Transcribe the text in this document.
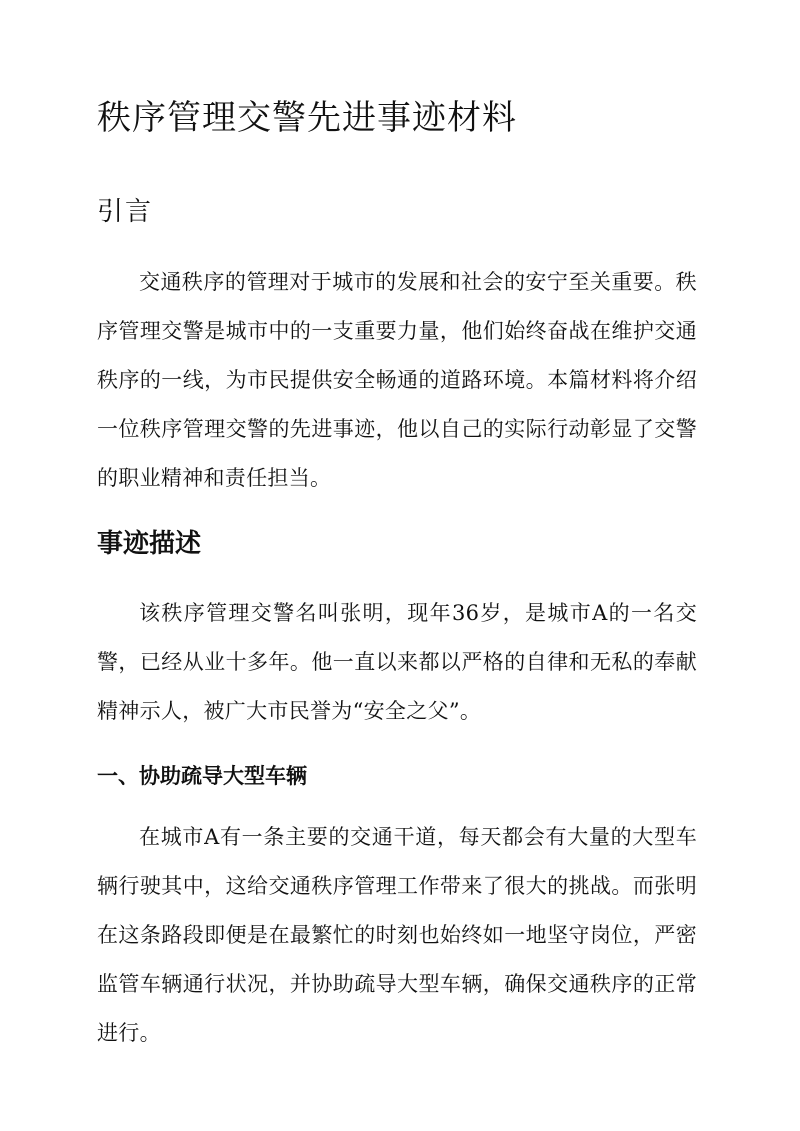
秩序管理交警先进事迹材料
引言

交通秩序的管理对于城市的发展和社会的安宁至关重要。秩序管理交警是城市中的一支重要力量，他们始终奋战在维护交通秩序的一线，为市民提供安全畅通的道路环境。本篇材料将介绍一位秩序管理交警的先进事迹，他以自己的实际行动彰显了交警的职业精神和责任担当。

事迹描述

该秩序管理交警名叫张明，现年36岁，是城市A的一名交警，已经从业十多年。他一直以来都以严格的自律和无私的奉献精神示人，被广大市民誉为“安全之父”。

一、协助疏导大型车辆

在城市A有一条主要的交通干道，每天都会有大量的大型车辆行驶其中，这给交通秩序管理工作带来了很大的挑战。而张明在这条路段即便是在最繁忙的时刻也始终如一地坚守岗位，严密监管车辆通行状况，并协助疏导大型车辆，确保交通秩序的正常进行。
